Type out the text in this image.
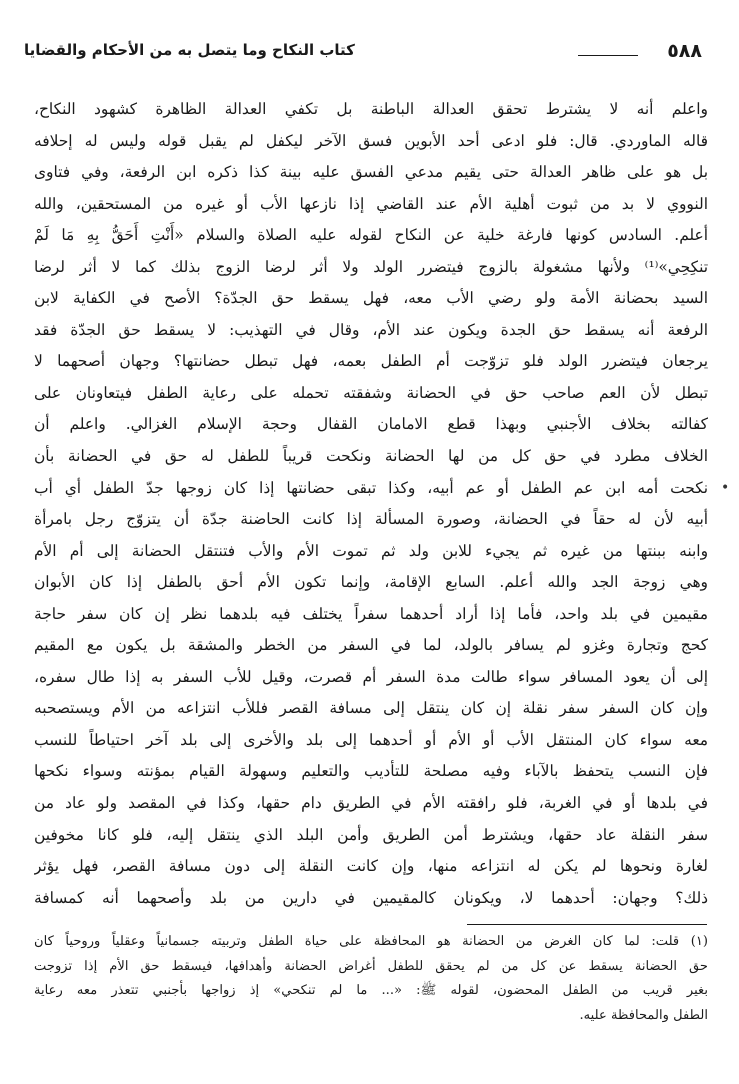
٥٨٨
كتاب النكاح وما يتصل به من الأحكام والقضايا
واعلم أنه لا يشترط تحقق العدالة الباطنة بل تكفي العدالة الظاهرة كشهود النكاح،
قاله الماوردي. قال: فلو ادعى أحد الأبوين فسق الآخر ليكفل لم يقبل قوله وليس له إحلافه
بل هو على ظاهر العدالة حتى يقيم مدعي الفسق عليه بينة كذا ذكره ابن الرفعة، وفي فتاوى
النووي لا بد من ثبوت أهلية الأم عند القاضي إذا نازعها الأب أو غيره من المستحقين، والله
أعلم. السادس كونها فارغة خلية عن النكاح لقوله عليه الصلاة والسلام «أَنْتِ أَحَقُّ بِهِ مَا لَمْ
تنكِحِي»⁽¹⁾ ولأنها مشغولة بالزوج فيتضرر الولد ولا أثر لرضا الزوج بذلك كما لا أثر لرضا
السيد بحضانة الأمة ولو رضي الأب معه، فهل يسقط حق الجدّة؟ الأصح في الكفاية لابن
الرفعة أنه يسقط حق الجدة ويكون عند الأم، وقال في التهذيب: لا يسقط حق الجدّة فقد
يرجعان فيتضرر الولد فلو تزوّجت أم الطفل بعمه، فهل تبطل حضانتها؟ وجهان أصحهما لا
تبطل لأن العم صاحب حق في الحضانة وشفقته تحمله على رعاية الطفل فيتعاونان على
كفالته بخلاف الأجنبي وبهذا قطع الامامان القفال وحجة الإسلام الغزالي. واعلم أن
الخلاف مطرد في حق كل من لها الحضانة ونكحت قريباً للطفل له حق في الحضانة بأن
نكحت أمه ابن عم الطفل أو عم أبيه، وكذا تبقى حضانتها إذا كان زوجها جدّ الطفل أي أب
أبيه لأن له حقاً في الحضانة، وصورة المسألة إذا كانت الحاضنة جدّة أن يتزوّج رجل بامرأة
وابنه ببنتها من غيره ثم يجيء للابن ولد ثم تموت الأم والأب فتنتقل الحضانة إلى أم الأم
وهي زوجة الجد والله أعلم. السابع الإقامة، وإنما تكون الأم أحق بالطفل إذا كان الأبوان
مقيمين في بلد واحد، فأما إذا أراد أحدهما سفراً يختلف فيه بلدهما نظر إن كان سفر حاجة
كحج وتجارة وغزو لم يسافر بالولد، لما في السفر من الخطر والمشقة بل يكون مع المقيم
إلى أن يعود المسافر سواء طالت مدة السفر أم قصرت، وقيل للأب السفر به إذا طال سفره،
وإن كان السفر سفر نقلة إن كان ينتقل إلى مسافة القصر فللأب انتزاعه من الأم ويستصحبه
معه سواء كان المنتقل الأب أو الأم أو أحدهما إلى بلد والأخرى إلى بلد آخر احتياطاً للنسب
فإن النسب يتحفظ بالآباء وفيه مصلحة للتأديب والتعليم وسهولة القيام بمؤنته وسواء نكحها
في بلدها أو في الغربة، فلو رافقته الأم في الطريق دام حقها، وكذا في المقصد ولو عاد من
سفر النقلة عاد حقها، ويشترط أمن الطريق وأمن البلد الذي ينتقل إليه، فلو كانا مخوفين
لغارة ونحوها لم يكن له انتزاعه منها، وإن كانت النقلة إلى دون مسافة القصر، فهل يؤثر
ذلك؟ وجهان: أحدهما لا، ويكونان كالمقيمين في دارين من بلد وأصحهما أنه كمسافة
(١) قلت: لما كان الغرض من الحضانة هو المحافظة على حياة الطفل وتربيته جسمانياً وعقلياً وروحياً كان
حق الحضانة يسقط عن كل من لم يحقق للطفل أغراض الحضانة وأهدافها، فيسقط حق الأم إذا تزوجت
بغير قريب من الطفل المحضون، لقوله ﷺ: «... ما لم تنكحي» إذ زواجها بأجنبي تتعذر معه رعاية
الطفل والمحافظة عليه.
•
